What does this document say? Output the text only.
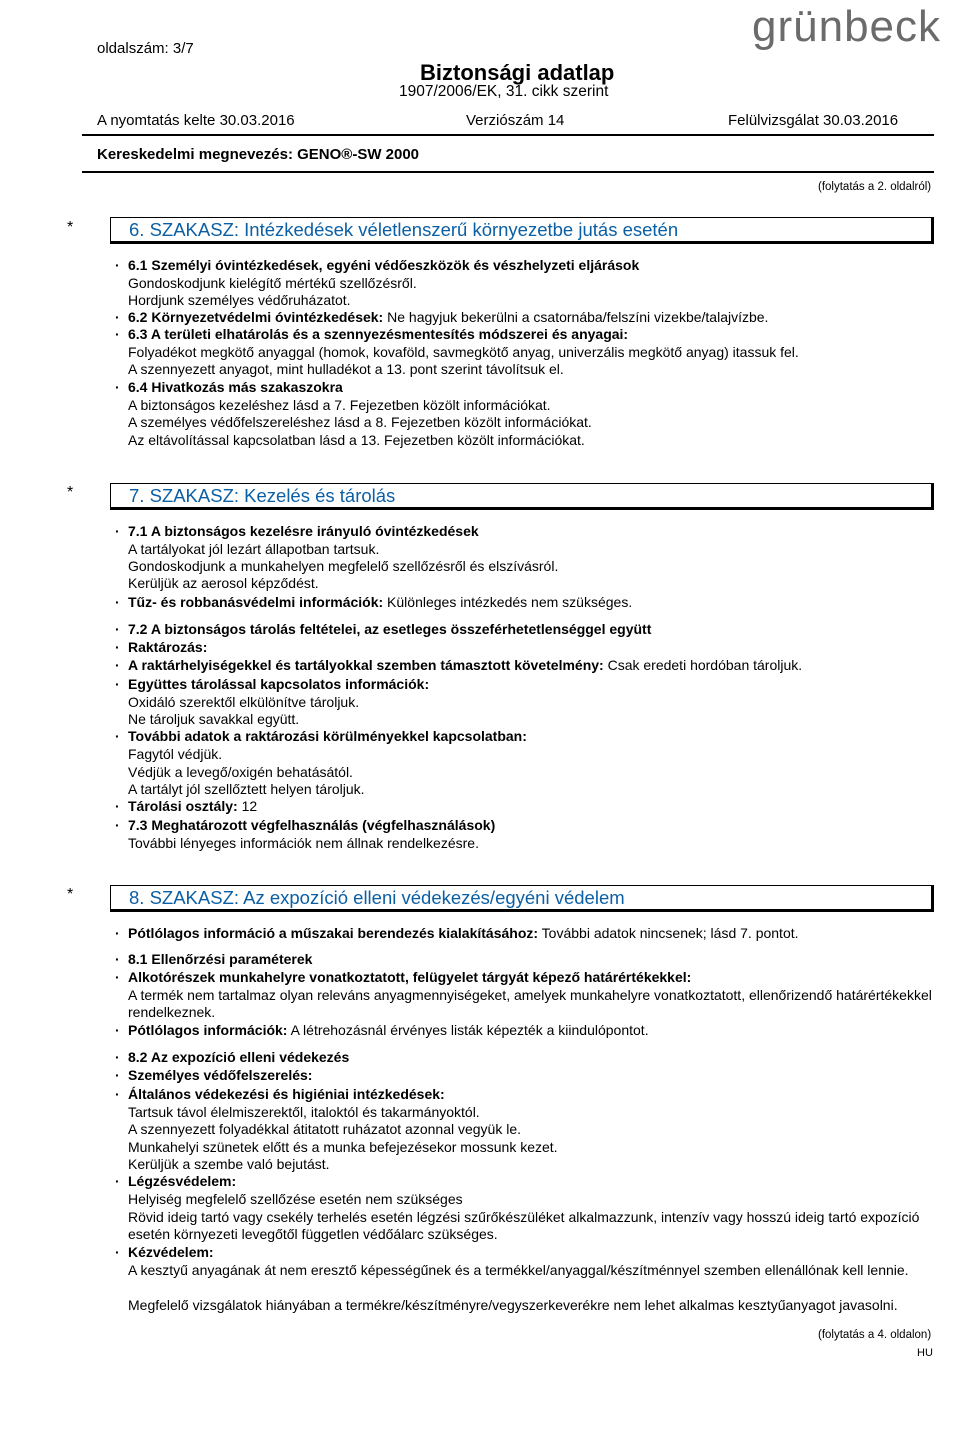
oldalszám: 3/7
Biztonsági adatlap
1907/2006/EK, 31. cikk szerint
grünbeck
A nyomtatás kelte 30.03.2016	Verziószám 14	Felülvizsgálat 30.03.2016
Kereskedelmi megnevezés: GENO®-SW 2000
(folytatás a 2. oldalról)
*	6. SZAKASZ: Intézkedések véletlenszerű környezetbe jutás esetén
· 6.1 Személyi óvintézkedések, egyéni védőeszközök és vészhelyzeti eljárások
Gondoskodjunk kielégítő mértékű szellőzésről.
Hordjunk személyes védőruházatot.
· 6.2 Környezetvédelmi óvintézkedések: Ne hagyjuk bekerülni a csatornába/felszíni vizekbe/talajvízbe.
· 6.3 A területi elhatárolás és a szennyezésmentesítés módszerei és anyagai:
Folyadékot megkötő anyaggal (homok, kovaföld, savmegkötő anyag, univerzális megkötő anyag) itassuk fel.
A szennyezett anyagot, mint hulladékot a 13. pont szerint távolítsuk el.
· 6.4 Hivatkozás más szakaszokra
A biztonságos kezeléshez lásd a 7. Fejezetben közölt információkat.
A személyes védőfelszereléshez lásd a 8. Fejezetben közölt információkat.
Az eltávolítással kapcsolatban lásd a 13. Fejezetben közölt információkat.
*	7. SZAKASZ: Kezelés és tárolás
· 7.1 A biztonságos kezelésre irányuló óvintézkedések
A tartályokat jól lezárt állapotban tartsuk.
Gondoskodjunk a munkahelyen megfelelő szellőzésről és elszívásról.
Kerüljük az aerosol képződést.
· Tűz- és robbanásvédelmi információk: Különleges intézkedés nem szükséges.
· 7.2 A biztonságos tárolás feltételei, az esetleges összeférhetetlenséggel együtt
· Raktározás:
· A raktárhelyiségekkel és tartályokkal szemben támasztott követelmény: Csak eredeti hordóban tároljuk.
· Együttes tárolással kapcsolatos információk:
Oxidáló szerektől elkülönítve tároljuk.
Ne tároljuk savakkal együtt.
· További adatok a raktározási körülményekkel kapcsolatban:
Fagytól védjük.
Védjük a levegő/oxigén behatásától.
A tartályt jól szellőztett helyen tároljuk.
· Tárolási osztály: 12
· 7.3 Meghatározott végfelhasználás (végfelhasználások)
További lényeges információk nem állnak rendelkezésre.
*	8. SZAKASZ: Az expozíció elleni védekezés/egyéni védelem
· Pótlólagos információ a műszakai berendezés kialakításához: További adatok nincsenek; lásd 7. pontot.
· 8.1 Ellenőrzési paraméterek
· Alkotórészek munkahelyre vonatkoztatott, felügyelet tárgyát képező határértékekkel:
A termék nem tartalmaz olyan releváns anyagmennyiségeket, amelyek munkahelyre vonatkoztatott, ellenőrizendő határértékekkel rendelkeznek.
· Pótlólagos információk: A létrehozásnál érvényes listák képezték a kiindulópontot.
· 8.2 Az expozíció elleni védekezés
· Személyes védőfelszerelés:
· Általános védekezési és higiéniai intézkedések:
Tartsuk távol élelmiszerektől, italoktól és takarmányoktól.
A szennyezett folyadékkal átitatott ruházatot azonnal vegyük le.
Munkahelyi szünetek előtt és a munka befejezésekor mossunk kezet.
Kerüljük a szembe való bejutást.
· Légzésvédelem:
Helyiség megfelelő szellőzése esetén nem szükséges
Rövid ideig tartó vagy csekély terhelés esetén légzési szűrőkészüléket alkalmazzunk, intenzív vagy hosszú ideig tartó expozíció esetén környezeti levegőtől független védőálarc szükséges.
· Kézvédelem:
A kesztyű anyagának át nem eresztő képességűnek és a termékkel/anyaggal/készítménnyel szemben ellenállónak kell lennie.
Megfelelő vizsgálatok hiányában a termékre/készítményre/vegyszerkeverékre nem lehet alkalmas kesztyűanyagot javasolni.
(folytatás a 4. oldalon)
HU
